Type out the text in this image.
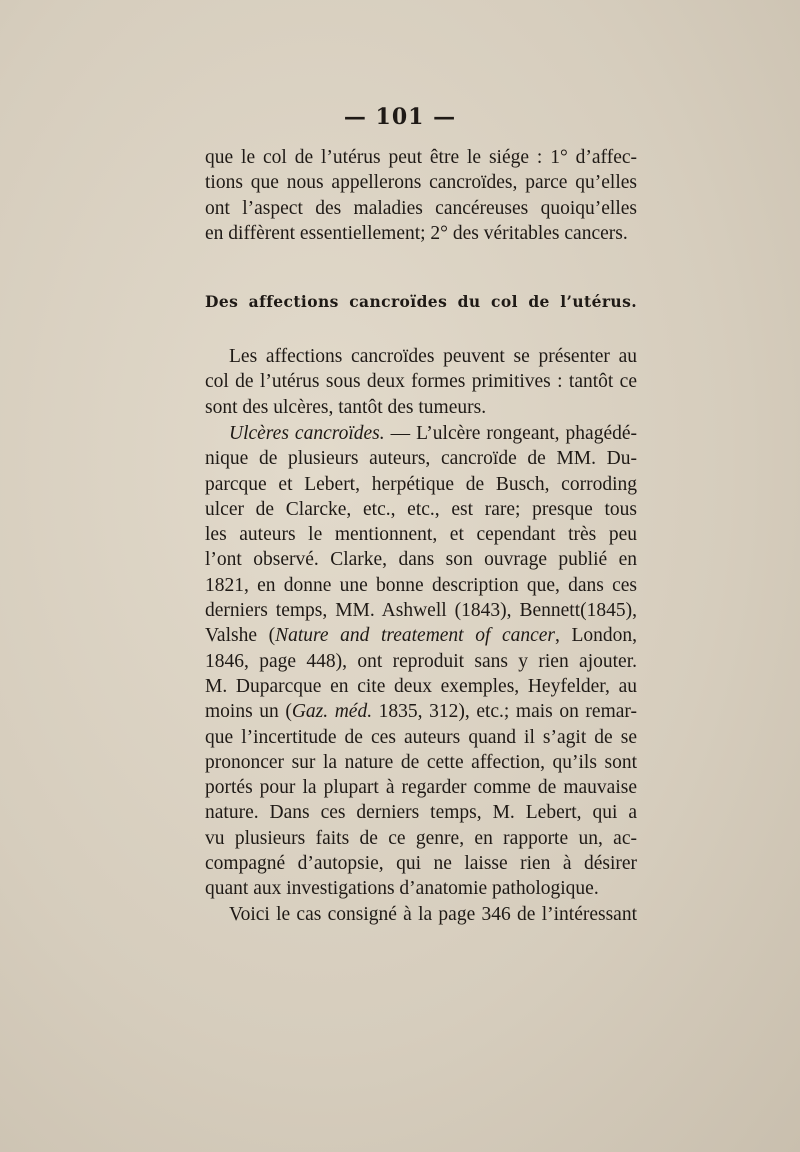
— 101 —
que le col de l’utérus peut être le siége : 1° d’affec-
tions que nous appellerons cancroïdes, parce qu’elles
ont l’aspect des maladies cancéreuses quoiqu’elles
en diffèrent essentiellement; 2° des véritables cancers.
Des affections cancroïdes du col de l’utérus.
Les affections cancroïdes peuvent se présenter au
col de l’utérus sous deux formes primitives : tantôt ce
sont des ulcères, tantôt des tumeurs.
Ulcères cancroïdes. — L’ulcère rongeant, phagédé-
nique de plusieurs auteurs, cancroïde de MM. Du-
parcque et Lebert, herpétique de Busch, corroding
ulcer de Clarcke, etc., etc., est rare; presque tous
les auteurs le mentionnent, et cependant très peu
l’ont observé. Clarke, dans son ouvrage publié en
1821, en donne une bonne description que, dans ces
derniers temps, MM. Ashwell (1843), Bennett(1845),
Valshe (Nature and treatement of cancer, London,
1846, page 448), ont reproduit sans y rien ajouter.
M. Duparcque en cite deux exemples, Heyfelder, au
moins un (Gaz. méd. 1835, 312), etc.; mais on remar-
que l’incertitude de ces auteurs quand il s’agit de se
prononcer sur la nature de cette affection, qu’ils sont
portés pour la plupart à regarder comme de mauvaise
nature. Dans ces derniers temps, M. Lebert, qui a
vu plusieurs faits de ce genre, en rapporte un, ac-
compagné d’autopsie, qui ne laisse rien à désirer
quant aux investigations d’anatomie pathologique.
Voici le cas consigné à la page 346 de l’intéressant
